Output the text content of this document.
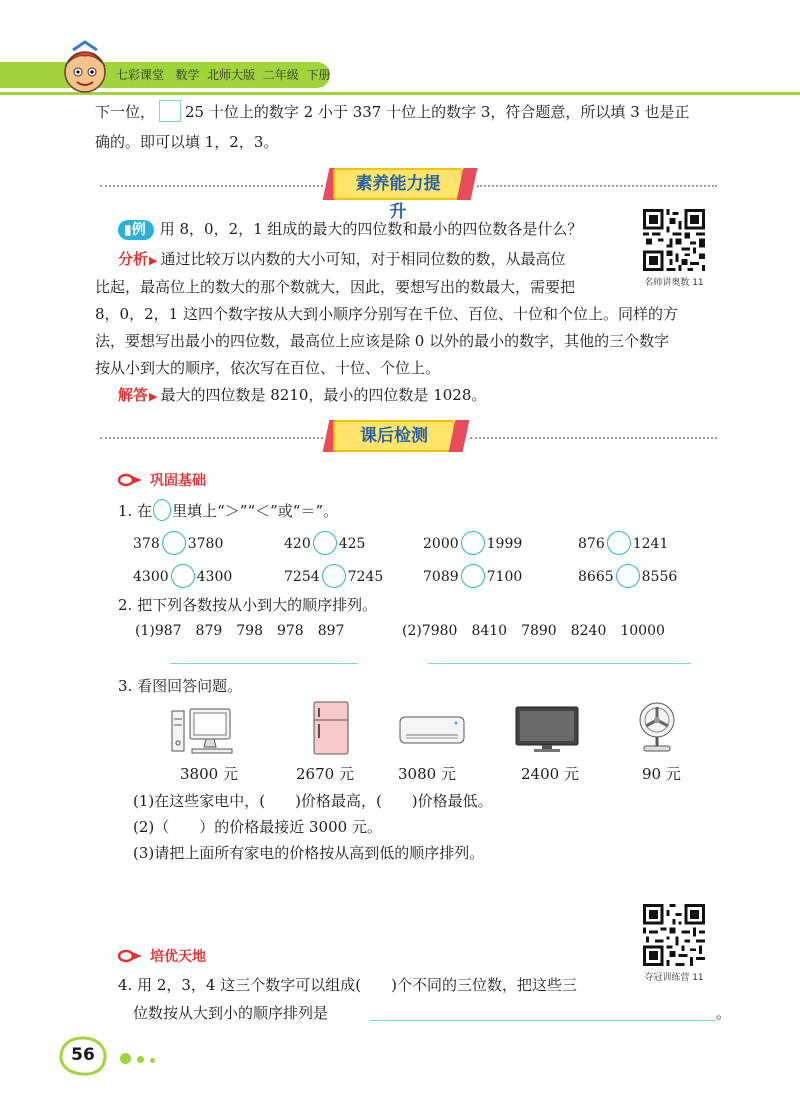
七彩课堂 数学 北师大版 二年级 下册
下一位， 25 十位上的数字 2 小于 337 十位上的数字 3，符合题意，所以填 3 也是正
确的。即可以填 1，2，3。
素养能力提升
▮例 用 8，0，2，1 组成的最大的四位数和最小的四位数各是什么？
名师讲奥数 11
分析▶ 通过比较万以内数的大小可知，对于相同位数的数，从最高位
比起，最高位上的数大的那个数就大，因此，要想写出的数最大，需要把
8，0，2，1 这四个数字按从大到小顺序分别写在千位、百位、十位和个位上。同样的方
法，要想写出最小的四位数，最高位上应该是除 0 以外的最小的数字，其他的三个数字
按从小到大的顺序，依次写在百位、十位、个位上。
解答▶ 最大的四位数是 8210，最小的四位数是 1028。
课后检测
巩固基础
1. 在 里填上“＞”“＜”或“＝”。
378 3780	420 425	2000 1999	876 1241
4300 4300	7254 7245	7089 7100	8665 8556
2. 把下列各数按从小到大的顺序排列。
(1)987　879　798　978　897	(2)7980　8410　7890　8240　10000
3. 看图回答问题。
3800 元	2670 元	3080 元	2400 元	90 元
(1)在这些家电中，(　　)价格最高，(　　)价格最低。
(2)（　　）的价格最接近 3000 元。
(3)请把上面所有家电的价格按从高到低的顺序排列。
夺冠训练营 11
培优天地
4. 用 2，3，4 这三个数字可以组成(　　)个不同的三位数，把这些三
位数按从大到小的顺序排列是	。
56
